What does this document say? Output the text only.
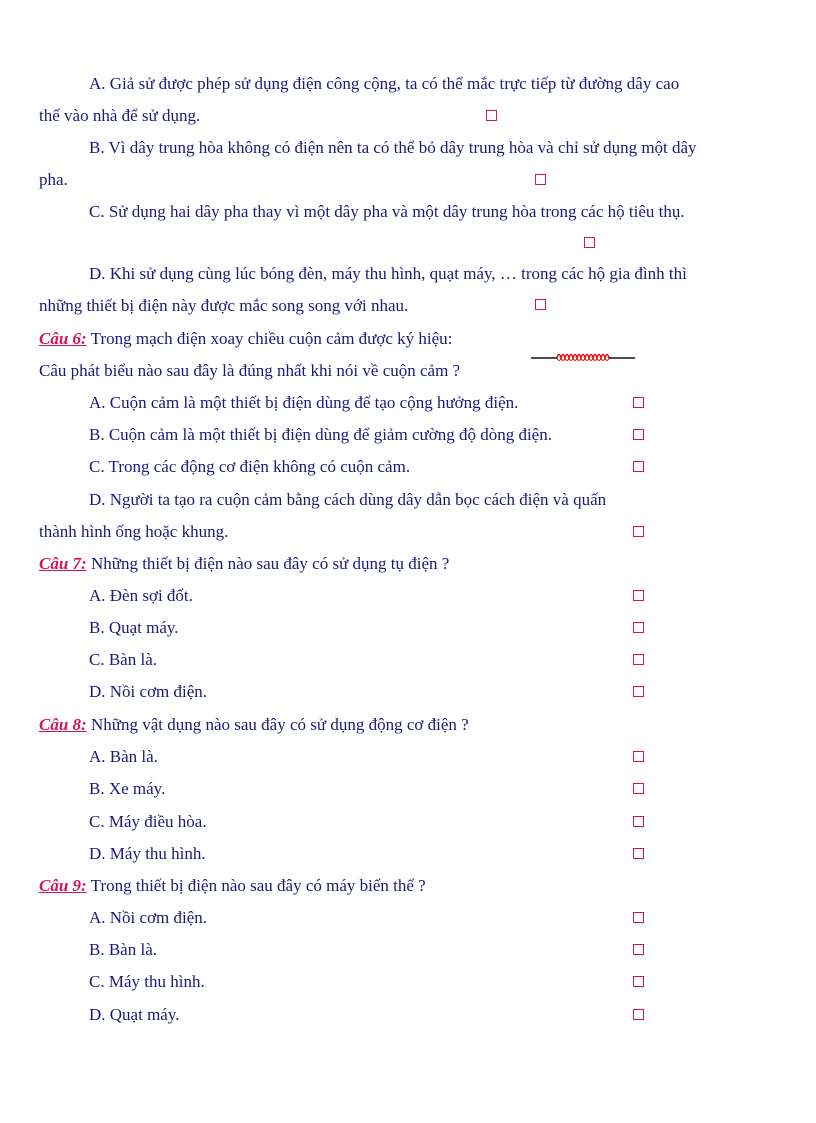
A. Giả sử được phép sử dụng điện công cộng, ta có thể mắc trực tiếp từ đường dây cao
thế vào nhà để sử dụng.
B. Vì dây trung hòa không có điện nên ta có thể bỏ dây trung hòa và chỉ sử dụng một dây
pha.
C. Sử dụng hai dây pha thay vì một dây pha và một dây trung hòa trong các hộ tiêu thụ.
D. Khi sử dụng cùng lúc bóng đèn, máy thu hình, quạt máy, … trong các hộ gia đình thì
những thiết bị điện này được mắc song song với nhau.
Câu 6: Trong mạch điện xoay chiều cuộn cảm được ký hiệu:
Câu phát biểu nào sau đây là đúng nhất khi nói về cuộn cảm ?
A. Cuộn cảm là một thiết bị điện dùng để tạo cộng hưởng điện.
B. Cuộn cảm là một thiết bị điện dùng để giảm cường độ dòng điện.
C. Trong các động cơ điện không có cuộn cảm.
D. Người ta tạo ra cuộn cảm bằng cách dùng dây dẫn bọc cách điện và quấn
thành hình ống hoặc khung.
Câu 7: Những thiết bị điện nào sau đây có sử dụng tụ điện ?
A. Đèn sợi đốt.
B. Quạt máy.
C. Bàn là.
D. Nồi cơm điện.
Câu 8: Những vật dụng nào sau đây có sử dụng động cơ điện ?
A. Bàn là.
B. Xe máy.
C. Máy điều hòa.
D. Máy thu hình.
Câu 9: Trong thiết bị điện nào sau đây có máy biến thế ?
A. Nồi cơm điện.
B. Bàn là.
C. Máy thu hình.
D. Quạt máy.
